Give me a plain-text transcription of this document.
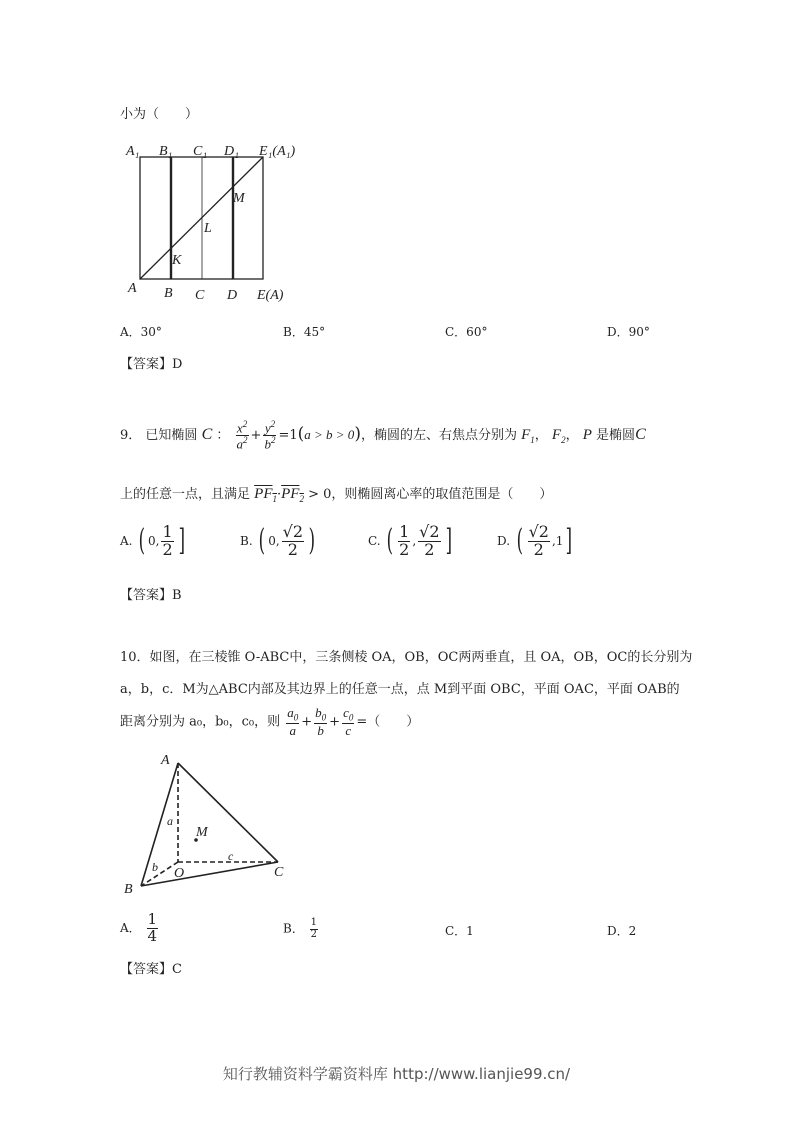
小为（　　）
A₁ B₁ C₁ D₁ E₁(A₁)
A B C D E(A)
M
L
K
A．30°	B．45°	C．60°	D．90°
【答案】D
9． 已知椭圆 C ： $\frac{x^2}{a^2} + \frac{y^2}{b^2} =1(a > b > 0)$，椭圆的左、右焦点分别为 $F_1$， $F_2$， P 是椭圆C
上的任意一点，且满足 $PF_1\cdot PF_2 > 0$，则椭圆离心率的取值范围是（　　）
A. ( 0, $\frac{1}{2}$ ]	B. ( 0, $\frac{√2}{2}$ )	C. ( $\frac{1}{2}$ , $\frac{√2}{2}$ ]	D. ( $\frac{√2}{2} ,1$]
【答案】B
10．如图，在三棱锥 O-ABC中，三条侧棱 OA，OB，OC两两垂直，且 OA，OB，OC的长分别为
a，b，c．M为△ABC内部及其边界上的任意一点，点 M到平面 OBC，平面 OAC，平面 OAB的
距离分别为 a₀，b₀，c₀，则 $\frac{a_0}{a} + \frac{b_0}{b} + \frac{c_0}{c}$ =（　　）
A
a
M
O
c
b
B
C
A． $\frac{1}{4}$	B． $\frac{1}{2}$	C．1	D．2
【答案】C
知行教辅资料学霸资料库 http://www.lianjie99.cn/
